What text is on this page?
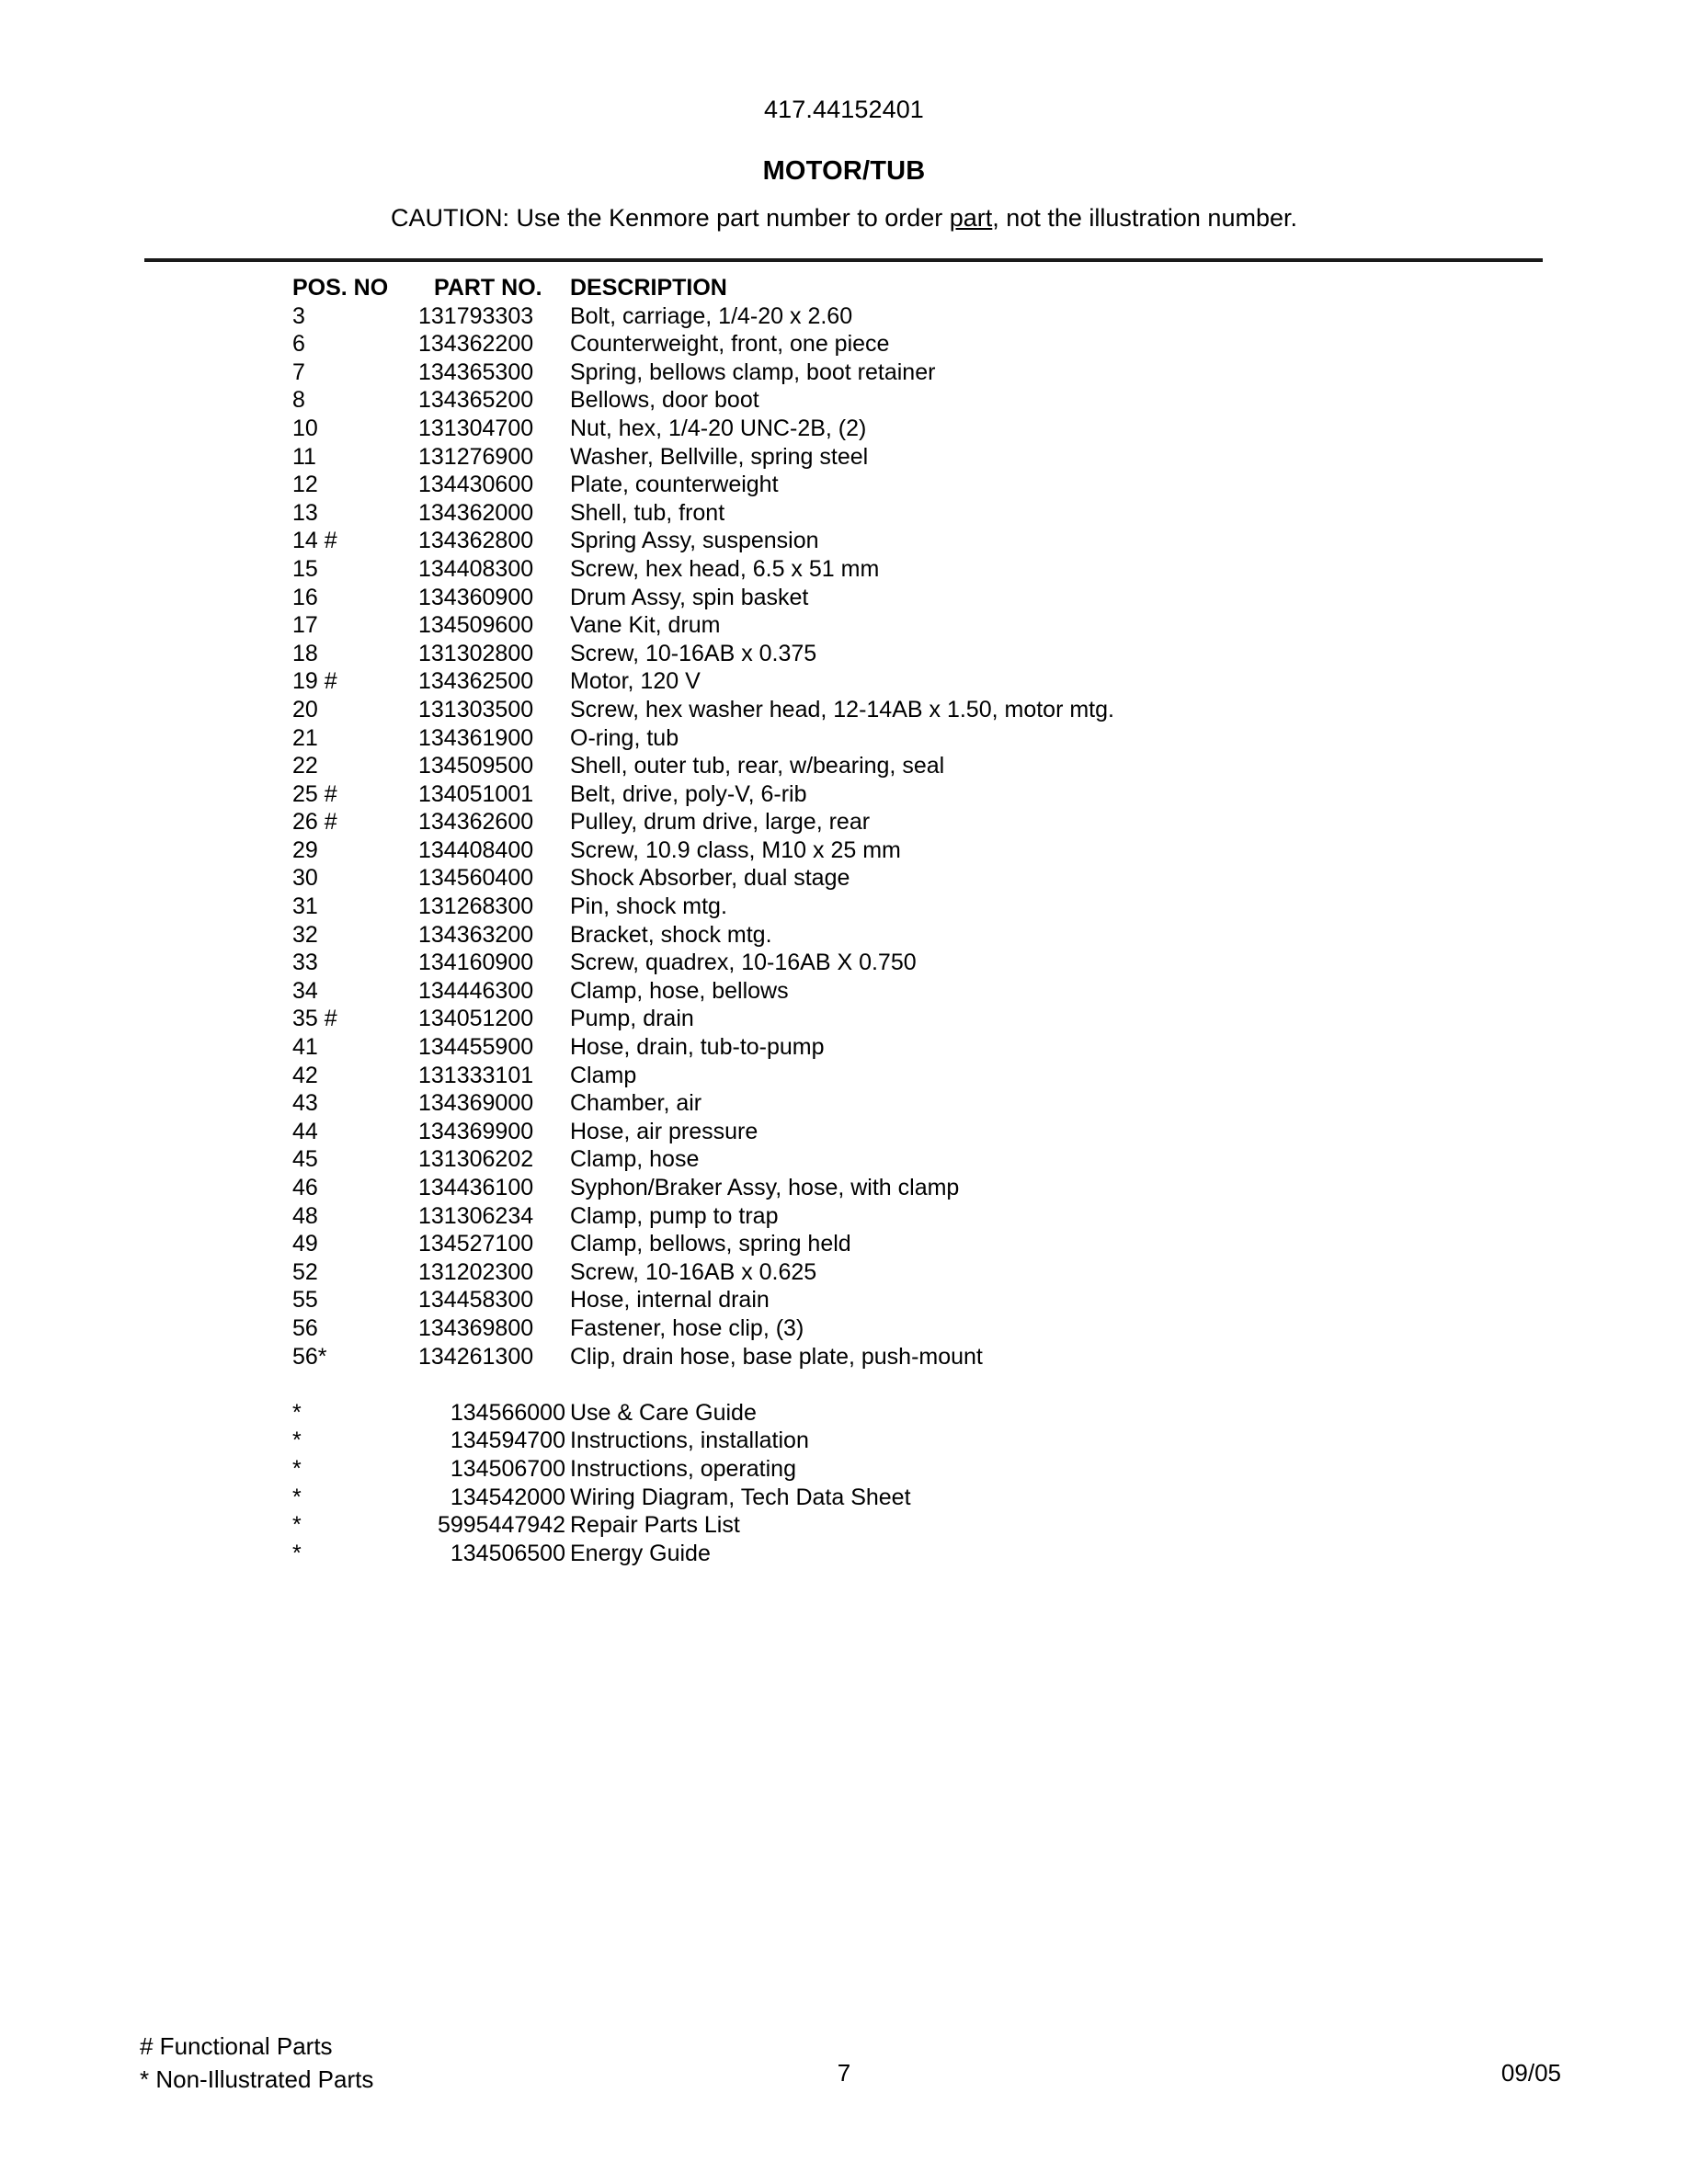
417.44152401
MOTOR/TUB
CAUTION: Use the Kenmore part number to order part, not the illustration number.
POS. NO	PART NO.	DESCRIPTION
3	131793303	Bolt, carriage, 1/4-20 x 2.60
6	134362200	Counterweight, front, one piece
7	134365300	Spring, bellows clamp, boot retainer
8	134365200	Bellows, door boot
10	131304700	Nut, hex, 1/4-20 UNC-2B, (2)
11	131276900	Washer, Bellville, spring steel
12	134430600	Plate, counterweight
13	134362000	Shell, tub, front
14 #	134362800	Spring Assy, suspension
15	134408300	Screw, hex head, 6.5 x 51 mm
16	134360900	Drum Assy, spin basket
17	134509600	Vane Kit, drum
18	131302800	Screw, 10-16AB x 0.375
19 #	134362500	Motor, 120 V
20	131303500	Screw, hex washer head, 12-14AB x 1.50, motor mtg.
21	134361900	O-ring, tub
22	134509500	Shell, outer tub, rear, w/bearing, seal
25 #	134051001	Belt, drive, poly-V, 6-rib
26 #	134362600	Pulley, drum drive, large, rear
29	134408400	Screw, 10.9 class, M10 x 25 mm
30	134560400	Shock Absorber, dual stage
31	131268300	Pin, shock mtg.
32	134363200	Bracket, shock mtg.
33	134160900	Screw, quadrex, 10-16AB X 0.750
34	134446300	Clamp, hose, bellows
35 #	134051200	Pump, drain
41	134455900	Hose, drain, tub-to-pump
42	131333101	Clamp
43	134369000	Chamber, air
44	134369900	Hose, air pressure
45	131306202	Clamp, hose
46	134436100	Syphon/Braker Assy, hose, with clamp
48	131306234	Clamp, pump to trap
49	134527100	Clamp, bellows, spring held
52	131202300	Screw, 10-16AB x 0.625
55	134458300	Hose, internal drain
56	134369800	Fastener, hose clip, (3)
56*	134261300	Clip, drain hose, base plate, push-mount
*	134566000 Use & Care Guide
*	134594700 Instructions, installation
*	134506700 Instructions, operating
*	134542000 Wiring Diagram, Tech Data Sheet
*	5995447942 Repair Parts List
*	134506500 Energy Guide
# Functional Parts
* Non-Illustrated Parts	7	09/05
